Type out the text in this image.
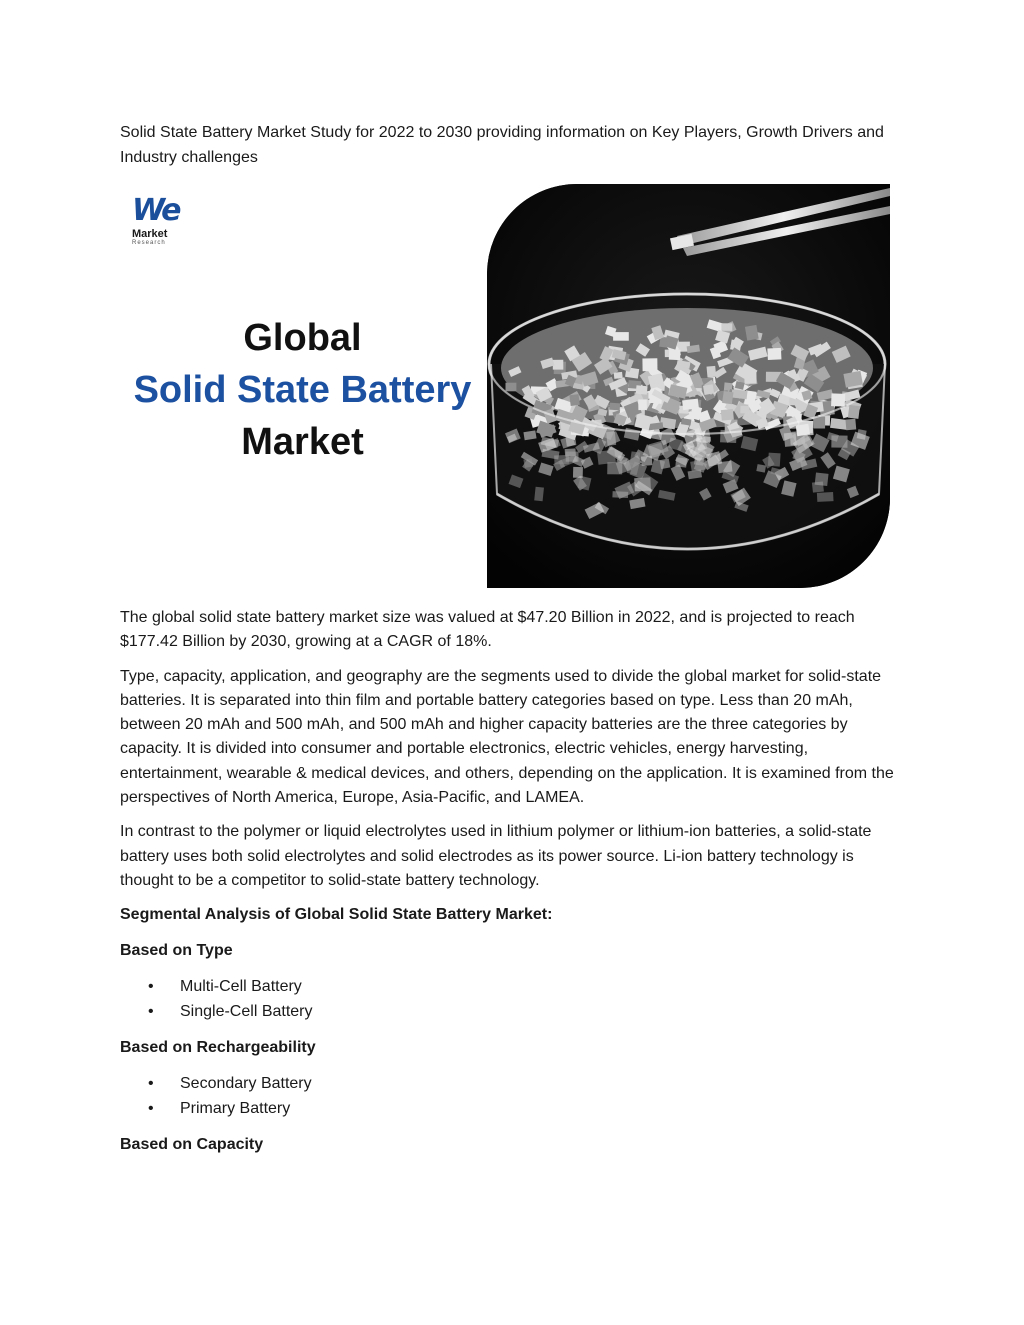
Solid State Battery Market Study for 2022 to 2030 providing information on Key Players, Growth Drivers and Industry challenges
We
Market
Research
Global
Solid State Battery
Market

The global solid state battery market size was valued at $47.20 Billion in 2022, and is projected to reach $177.42 Billion by 2030, growing at a CAGR of 18%.

Type, capacity, application, and geography are the segments used to divide the global market for solid-state batteries. It is separated into thin film and portable battery categories based on type. Less than 20 mAh, between 20 mAh and 500 mAh, and 500 mAh and higher capacity batteries are the three categories by capacity. It is divided into consumer and portable electronics, electric vehicles, energy harvesting, entertainment, wearable & medical devices, and others, depending on the application. It is examined from the perspectives of North America, Europe, Asia-Pacific, and LAMEA.

In contrast to the polymer or liquid electrolytes used in lithium polymer or lithium-ion batteries, a solid-state battery uses both solid electrolytes and solid electrodes as its power source. Li-ion battery technology is thought to be a competitor to solid-state battery technology.

Segmental Analysis of Global Solid State Battery Market:
Based on Type
• Multi-Cell Battery
• Single-Cell Battery
Based on Rechargeability
• Secondary Battery
• Primary Battery
Based on Capacity
